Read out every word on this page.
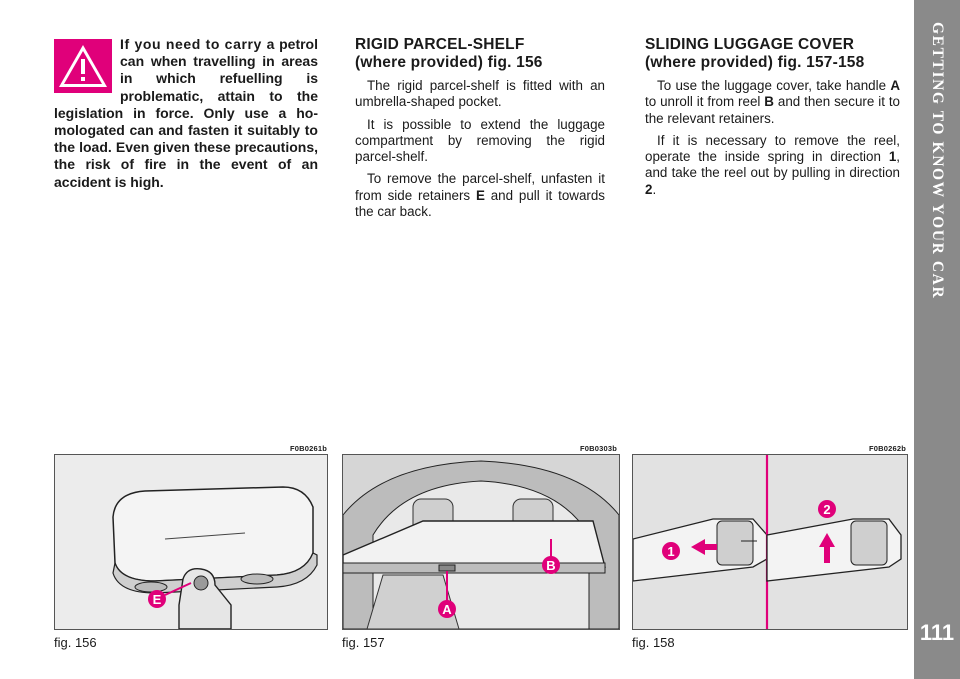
GETTING TO KNOW YOUR CAR
111

If you need to carry a petrol can when travelling in areas in which refuelling is problematic, attain to the legislation in force. Only use a homologated can and fasten it suitably to the load. Even given these precautions, the risk of fire in the event of an accident is high.

RIGID PARCEL-SHELF
(where provided) fig. 156

The rigid parcel-shelf is fitted with an umbrella-shaped pocket.

It is possible to extend the luggage compartment by removing the rigid parcel-shelf.

To remove the parcel-shelf, unfasten it from side retainers E and pull it towards the car back.

SLIDING LUGGAGE COVER
(where provided) fig. 157-158

To use the luggage cover, take handle A to unroll it from reel B and then secure it to the relevant retainers.

If it is necessary to remove the reel, operate the inside spring in direction 1, and take the reel out by pulling in direction 2.

F0B0261b
E
fig. 156
F0B0303b
A
B
fig. 157
F0B0262b
1
2
fig. 158
